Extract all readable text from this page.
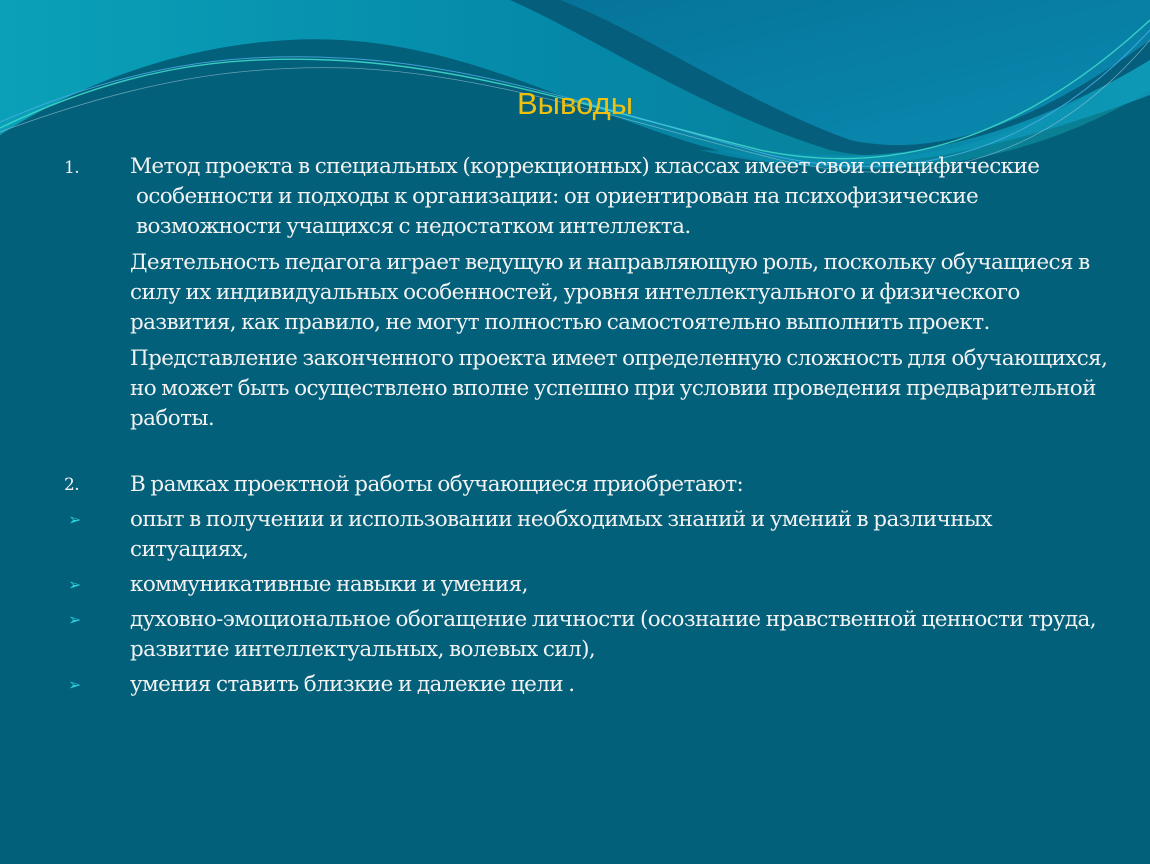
Выводы
1.	Метод проекта в специальных (коррекционных) классах имеет свои специфические особенности и подходы к организации: он ориентирован на психофизические возможности учащихся с недостатком интеллекта.
Деятельность педагога играет ведущую и направляющую роль, поскольку обучащиеся в силу их индивидуальных особенностей, уровня интеллектуального и физического развития, как правило, не могут полностью самостоятельно выполнить проект.
Представление законченного проекта имеет определенную сложность для обучающихся, но может быть осуществлено вполне успешно при условии проведения предварительной работы.
2.	В рамках проектной работы обучающиеся приобретают:
➢	опыт в получении и использовании необходимых знаний и умений в различных ситуациях,
➢	коммуникативные навыки и умения,
➢	духовно-эмоциональное обогащение личности (осознание нравственной ценности труда, развитие интеллектуальных, волевых сил),
➢	умения ставить близкие и далекие цели .
